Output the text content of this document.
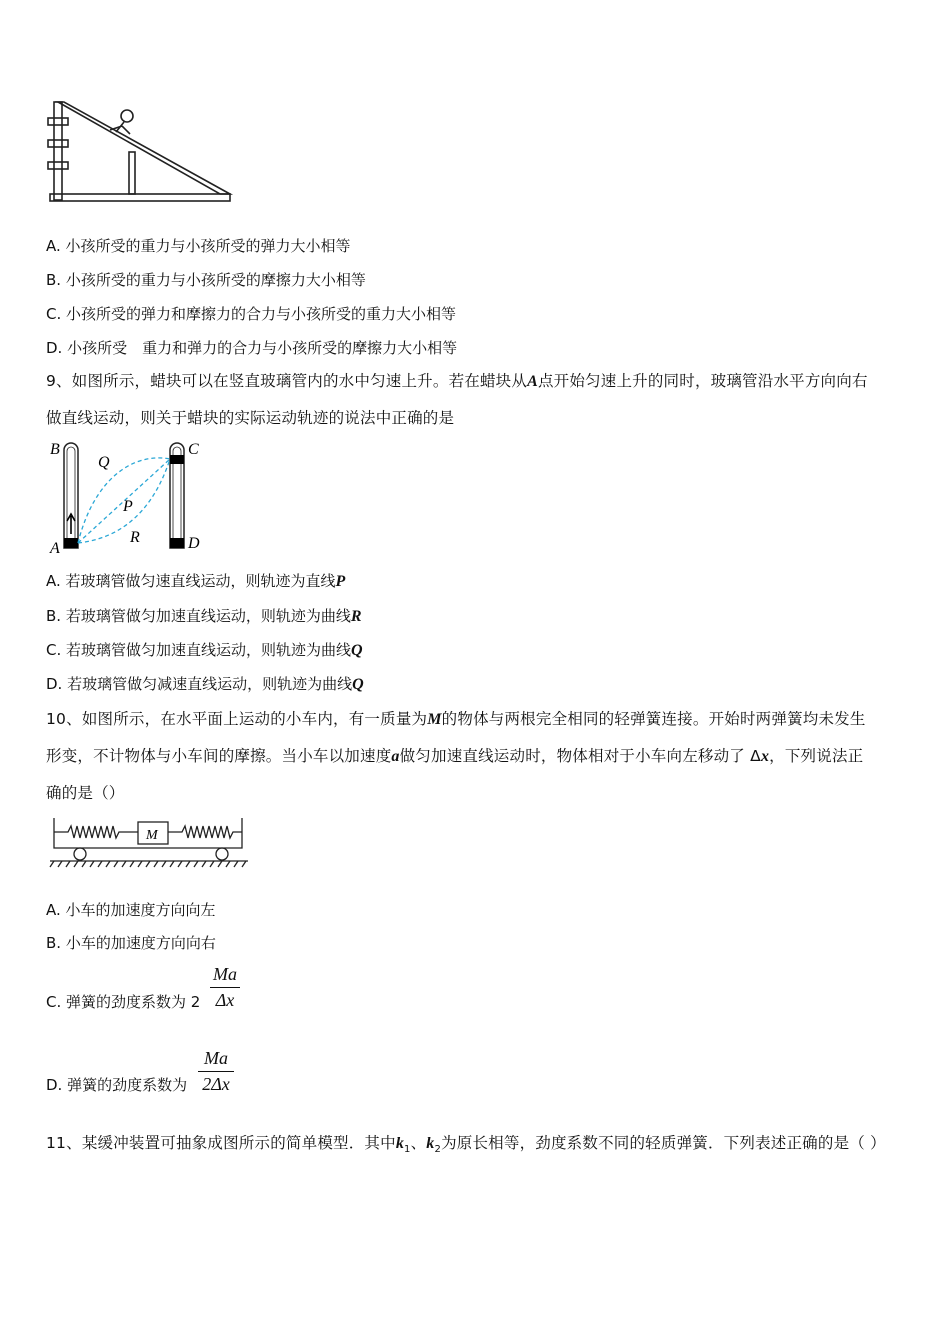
A. 小孩所受的重力与小孩所受的弹力大小相等
B. 小孩所受的重力与小孩所受的摩擦力大小相等
C. 小孩所受的弹力和摩擦力的合力与小孩所受的重力大小相等
D. 小孩所受　重力和弹力的合力与小孩所受的摩擦力大小相等
9、如图所示，蜡块可以在竖直玻璃管内的水中匀速上升。若在蜡块从A点开始匀速上升的同时，玻璃管沿水平方向向右
做直线运动，则关于蜡块的实际运动轨迹的说法中正确的是
B	C
A	D
Q
P
R
A. 若玻璃管做匀速直线运动，则轨迹为直线P
B. 若玻璃管做匀加速直线运动，则轨迹为曲线R
C. 若玻璃管做匀加速直线运动，则轨迹为曲线Q
D. 若玻璃管做匀减速直线运动，则轨迹为曲线Q
10、如图所示，在水平面上运动的小车内，有一质量为M的物体与两根完全相同的轻弹簧连接。开始时两弹簧均未发生
形变，不计物体与小车间的摩擦。当小车以加速度a做匀加速直线运动时，物体相对于小车向左移动了 Δx，下列说法正
确的是（）
M
A. 小车的加速度方向向左
B. 小车的加速度方向向右
C. 弹簧的劲度系数为 2
Ma
Δx
D. 弹簧的劲度系数为
Ma
2Δx
11、某缓冲装置可抽象成图所示的简单模型．其中$k_1$、$k_2$为原长相等，劲度系数不同的轻质弹簧．下列表述正确的是（ ）
